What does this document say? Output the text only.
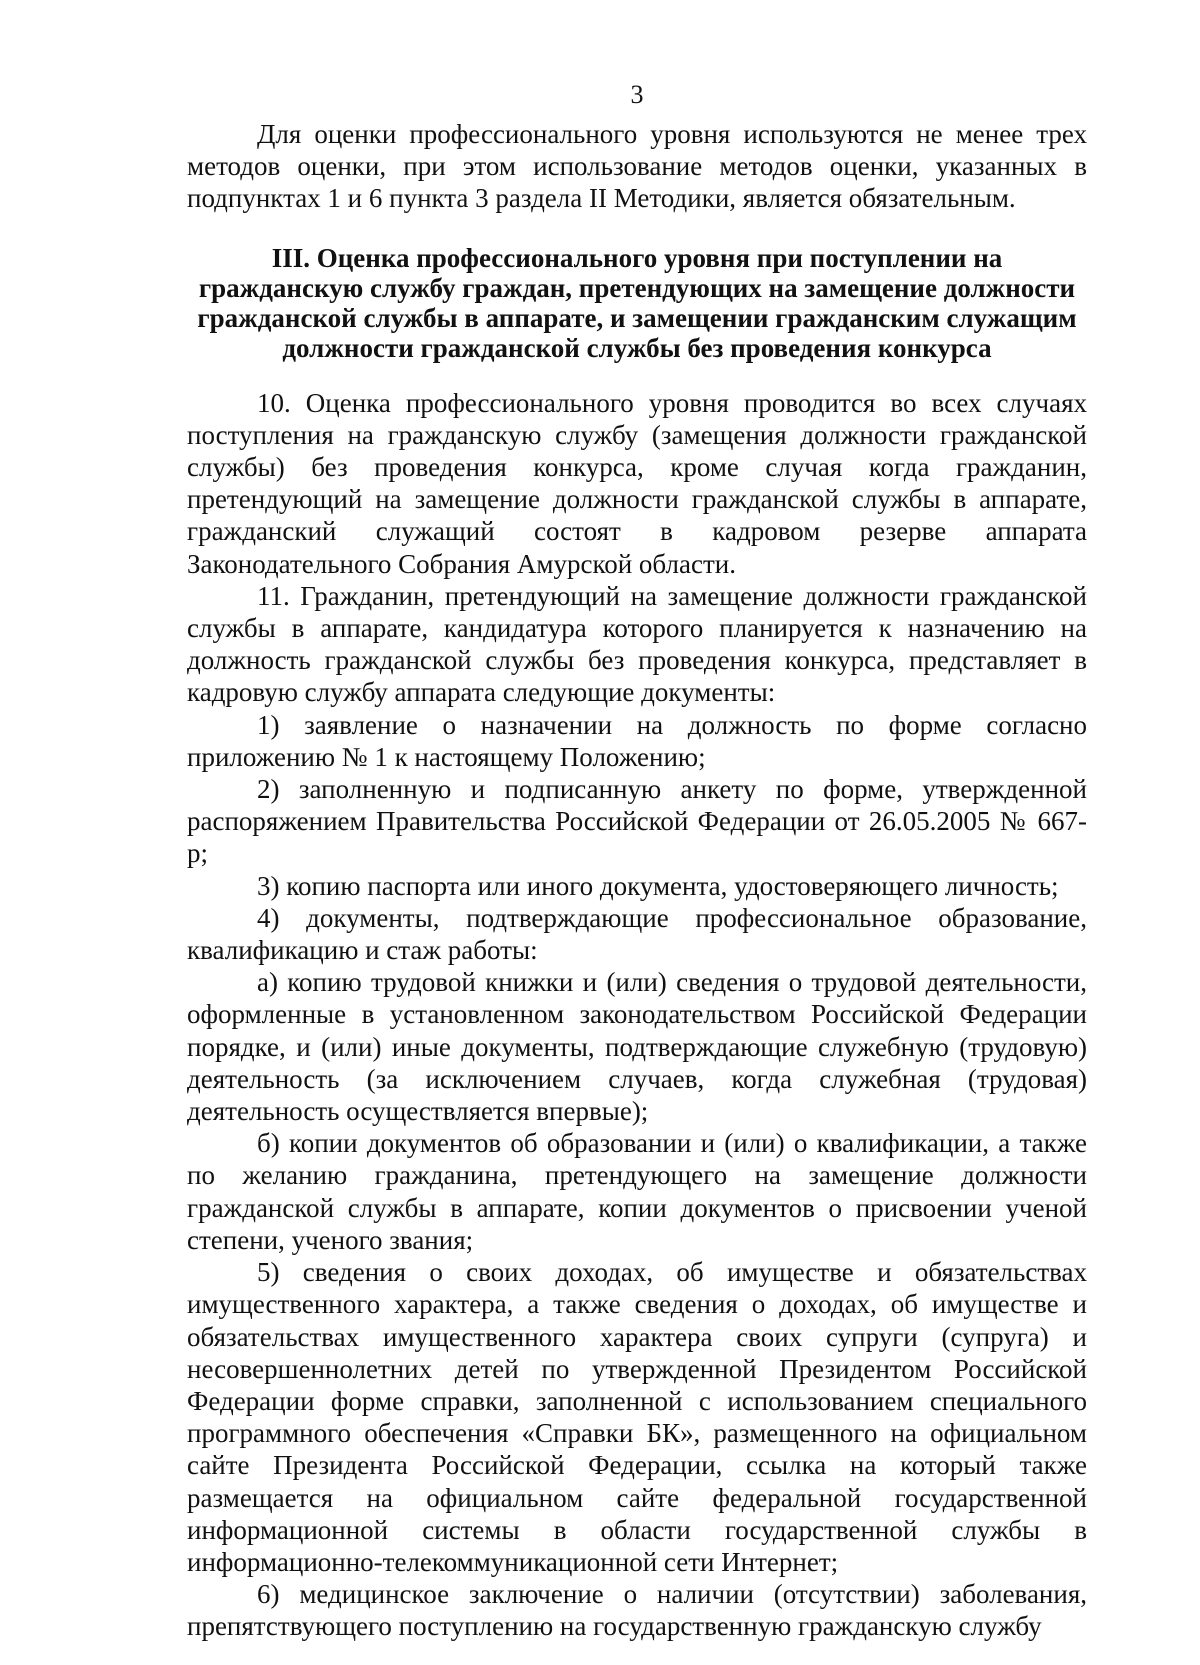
3

Для оценки профессионального уровня используются не менее трех методов оценки, при этом использование методов оценки, указанных в подпунктах 1 и 6 пункта 3 раздела II Методики, является обязательным.

III. Оценка профессионального уровня при поступлении на гражданскую службу граждан, претендующих на замещение должности гражданской службы в аппарате, и замещении гражданским служащим должности гражданской службы без проведения конкурса

10. Оценка профессионального уровня проводится во всех случаях поступления на гражданскую службу (замещения должности гражданской службы) без проведения конкурса, кроме случая когда гражданин, претендующий на замещение должности гражданской службы в аппарате, гражданский служащий состоят в кадровом резерве аппарата Законодательного Собрания Амурской области.

11. Гражданин, претендующий на замещение должности гражданской службы в аппарате, кандидатура которого планируется к назначению на должность гражданской службы без проведения конкурса, представляет в кадровую службу аппарата следующие документы:

1) заявление о назначении на должность по форме согласно приложению № 1 к настоящему Положению;

2) заполненную и подписанную анкету по форме, утвержденной распоряжением Правительства Российской Федерации от 26.05.2005 № 667-р;

3) копию паспорта или иного документа, удостоверяющего личность;

4) документы, подтверждающие профессиональное образование, квалификацию и стаж работы:

а) копию трудовой книжки и (или) сведения о трудовой деятельности, оформленные в установленном законодательством Российской Федерации порядке, и (или) иные документы, подтверждающие служебную (трудовую) деятельность (за исключением случаев, когда служебная (трудовая) деятельность осуществляется впервые);

б) копии документов об образовании и (или) о квалификации, а также по желанию гражданина, претендующего на замещение должности гражданской службы в аппарате, копии документов о присвоении ученой степени, ученого звания;

5) сведения о своих доходах, об имуществе и обязательствах имущественного характера, а также сведения о доходах, об имуществе и обязательствах имущественного характера своих супруги (супруга) и несовершеннолетних детей по утвержденной Президентом Российской Федерации форме справки, заполненной с использованием специального программного обеспечения «Справки БК», размещенного на официальном сайте Президента Российской Федерации, ссылка на который также размещается на официальном сайте федеральной государственной информационной системы в области государственной службы в информационно-телекоммуникационной сети Интернет;

6) медицинское заключение о наличии (отсутствии) заболевания, препятствующего поступлению на государственную гражданскую службу
